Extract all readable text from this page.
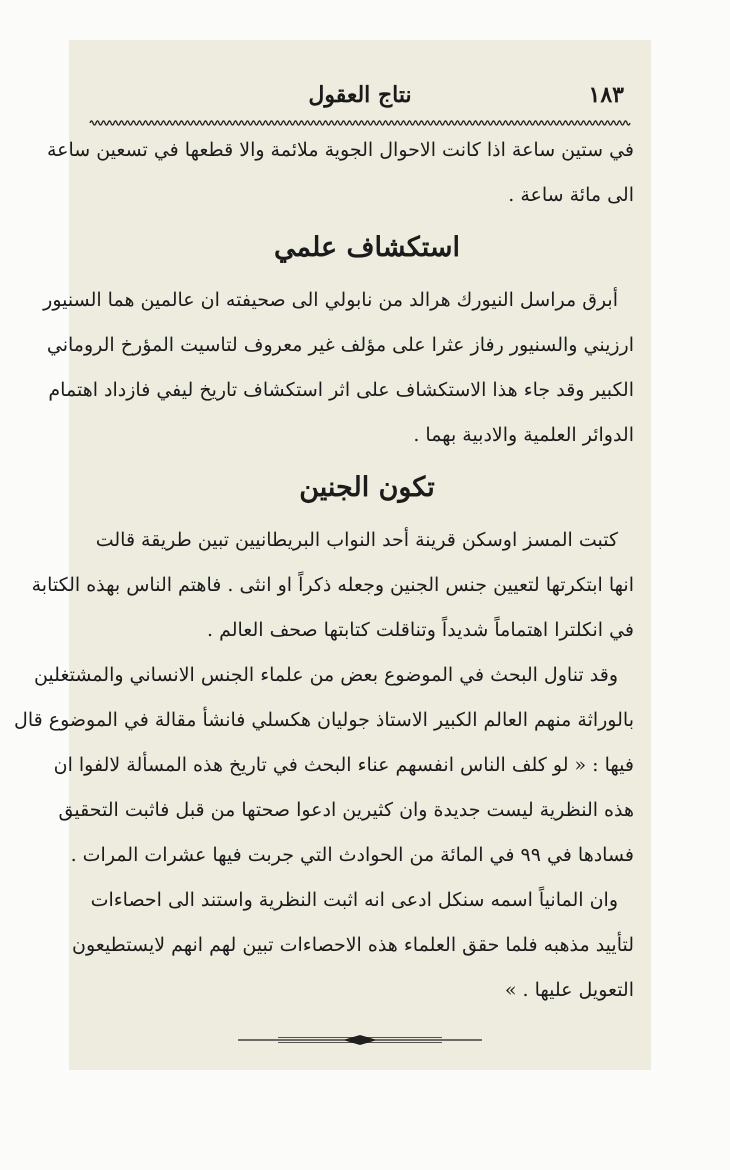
نتاج العقول	١٨٣
في ستين ساعة اذا كانت الاحوال الجوية ملائمة والا قطعها في تسعين ساعة
الى مائة ساعة .
استكشاف علمي
أبرق مراسل النيورك هرالد من نابولي الى صحيفته ان عالمين هما السنيور
ارزيني والسنيور رفاز عثرا على مؤلف غير معروف لتاسيت المؤرخ الروماني
الكبير وقد جاء هذا الاستكشاف على اثر استكشاف تاريخ ليفي فازداد اهتمام
الدوائر العلمية والادبية بهما .
تكون الجنين
كتبت المسز اوسكن قرينة أحد النواب البريطانيين تبين طريقة قالت
انها ابتكرتها لتعيين جنس الجنين وجعله ذكراً او انثى . فاهتم الناس بهذه الكتابة
في انكلترا اهتماماً شديداً وتناقلت كتابتها صحف العالم .
وقد تناول البحث في الموضوع بعض من علماء الجنس الانساني والمشتغلين
بالوراثة منهم العالم الكبير الاستاذ جوليان هكسلي فانشأ مقالة في الموضوع قال
فيها : « لو كلف الناس انفسهم عناء البحث في تاريخ هذه المسألة لالفوا ان
هذه النظرية ليست جديدة وان كثيرين ادعوا صحتها من قبل فاثبت التحقيق
فسادها في ٩٩ في المائة من الحوادث التي جربت فيها عشرات المرات .
وان المانياً اسمه سنكل ادعى انه اثبت النظرية واستند الى احصاءات
لتأييد مذهبه فلما حقق العلماء هذه الاحصاءات تبين لهم انهم لايستطيعون
التعويل عليها . »
